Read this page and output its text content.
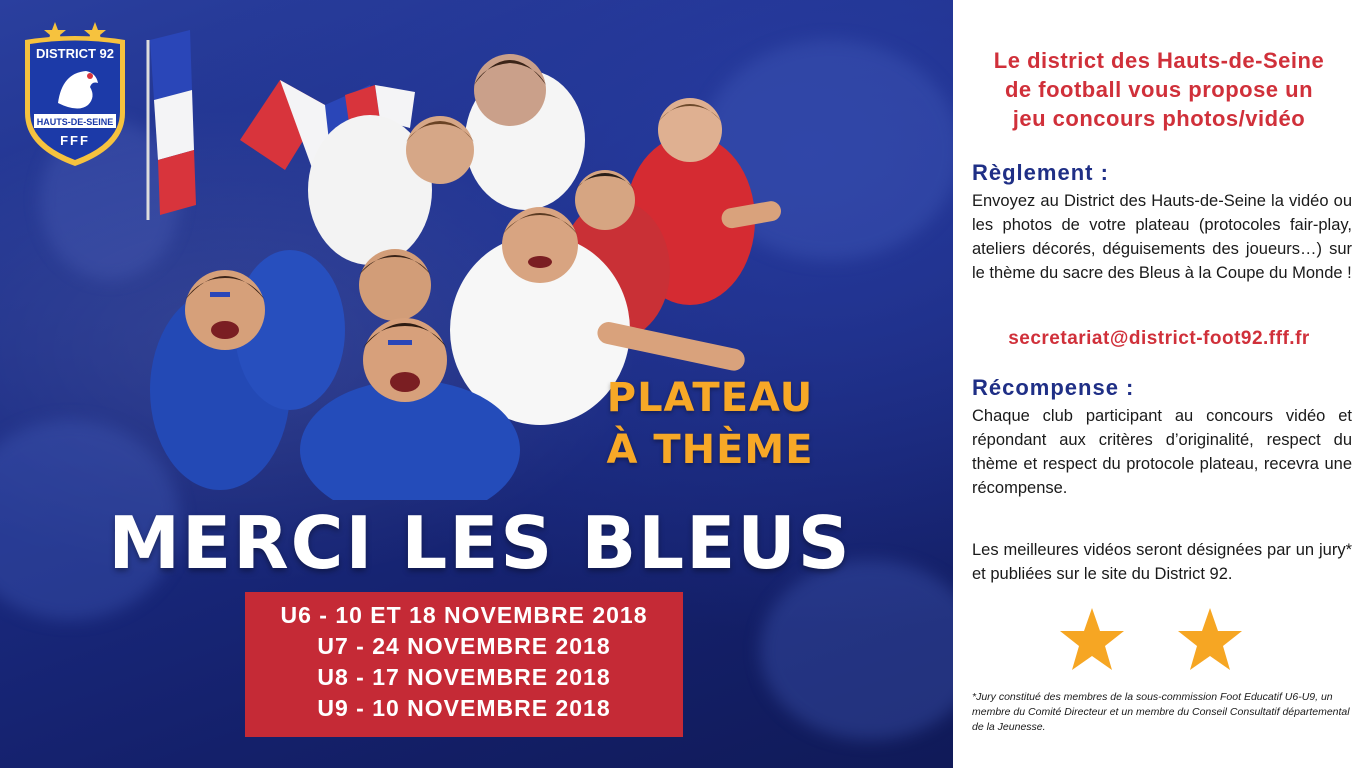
DISTRICT 92
HAUTS-DE-SEINE
FFF
PLATEAU
À THÈME
MERCI LES BLEUS
U6 - 10 ET 18 NOVEMBRE 2018
U7 - 24 NOVEMBRE 2018
U8 - 17 NOVEMBRE 2018
U9 - 10 NOVEMBRE 2018
Le district des Hauts-de-Seine
de football vous propose un
jeu concours photos/vidéo
Règlement :
Envoyez au District des Hauts-de-Seine la vidéo ou les photos de votre plateau (protocoles fair-play, ateliers décorés, déguisements des joueurs…) sur le thème du sacre des Bleus à la Coupe du Monde !
secretariat@district-foot92.fff.fr
Récompense :
Chaque club participant au concours vidéo et répondant aux critères d’originalité, respect du thème et respect du protocole plateau, recevra une récompense.
Les meilleures vidéos seront désignées par un jury* et publiées sur le site du District 92.
*Jury constitué des membres de la sous-commission Foot Educatif U6-U9, un membre du Comité Directeur et un membre du Conseil Consultatif départemental de la Jeunesse.
